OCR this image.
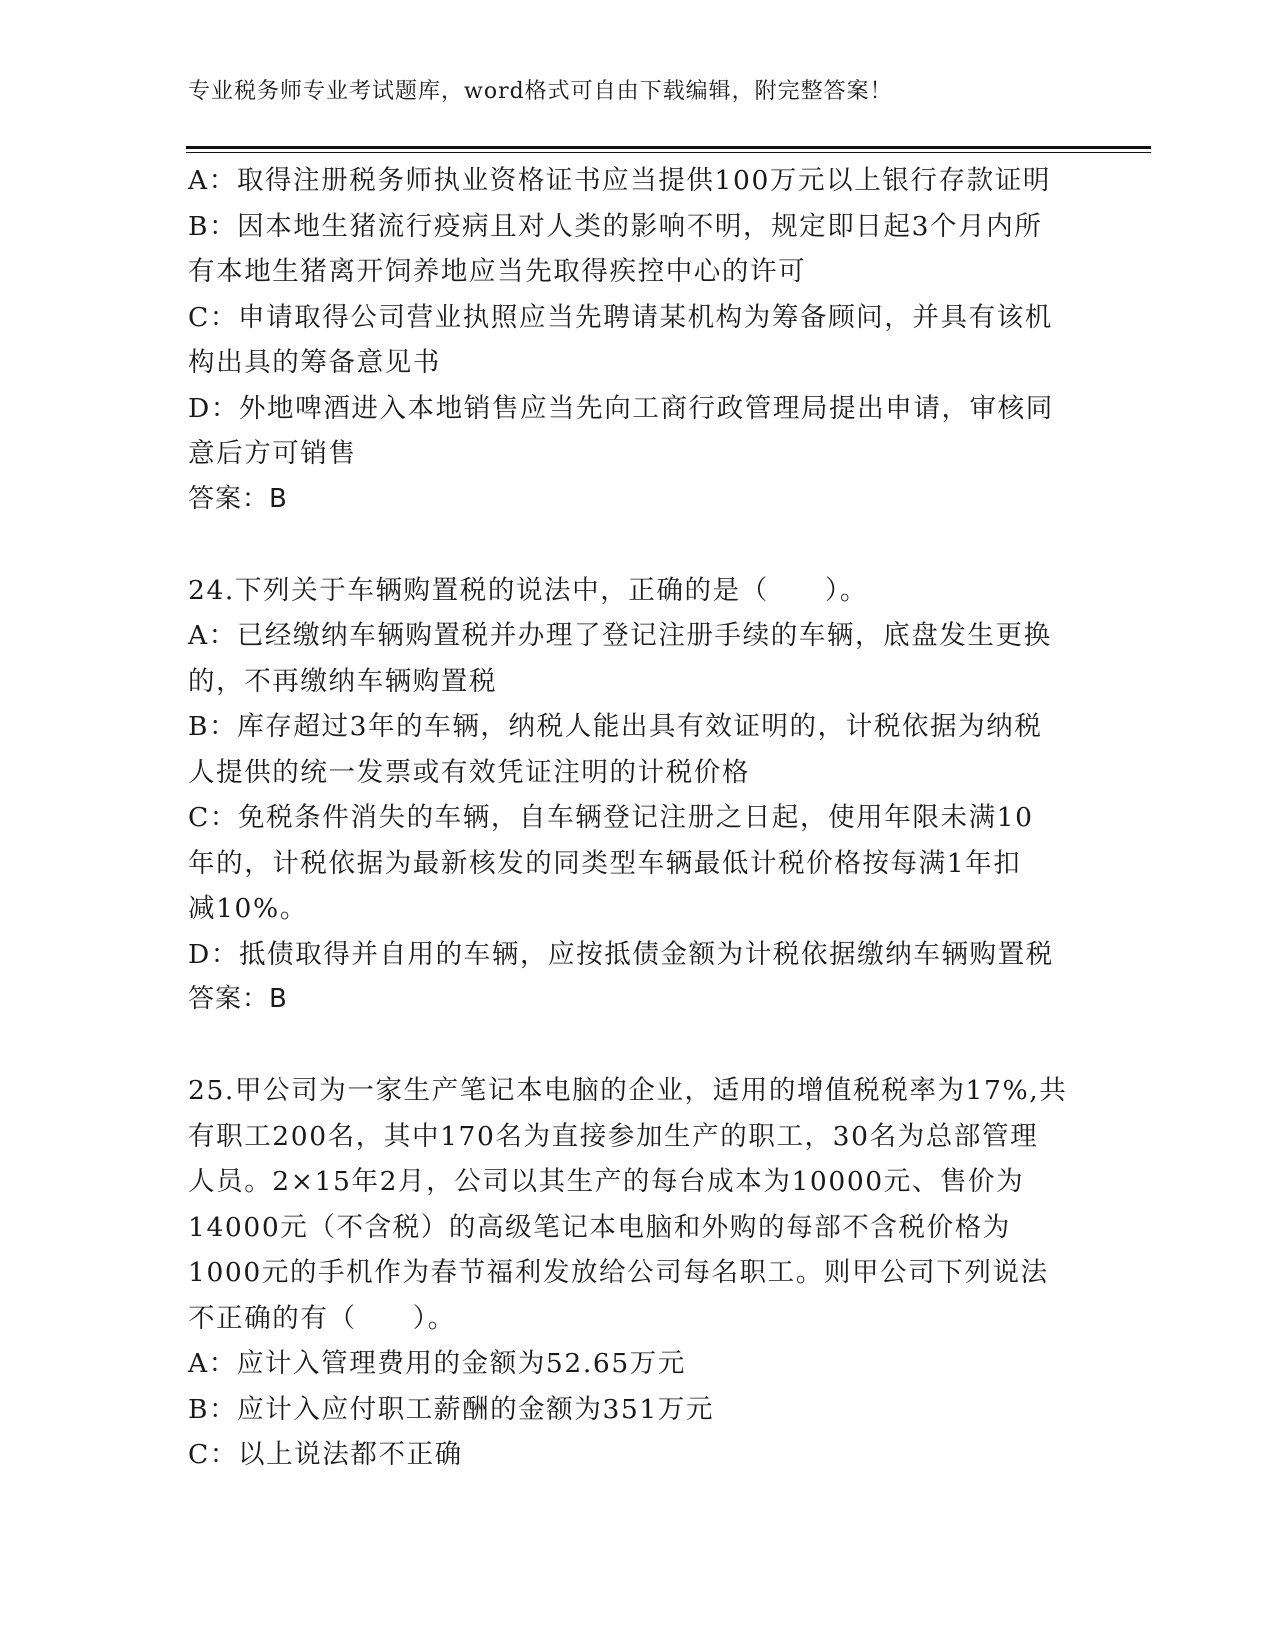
专业税务师专业考试题库，word格式可自由下载编辑，附完整答案！
A：取得注册税务师执业资格证书应当提供100万元以上银行存款证明
B：因本地生猪流行疫病且对人类的影响不明，规定即日起3个月内所
有本地生猪离开饲养地应当先取得疾控中心的许可
C：申请取得公司营业执照应当先聘请某机构为筹备顾问，并具有该机
构出具的筹备意见书
D：外地啤酒进入本地销售应当先向工商行政管理局提出申请，审核同
意后方可销售
答案：B
24.下列关于车辆购置税的说法中，正确的是（　　）。
A：已经缴纳车辆购置税并办理了登记注册手续的车辆，底盘发生更换
的，不再缴纳车辆购置税
B：库存超过3年的车辆，纳税人能出具有效证明的，计税依据为纳税
人提供的统一发票或有效凭证注明的计税价格
C：免税条件消失的车辆，自车辆登记注册之日起，使用年限未满10
年的，计税依据为最新核发的同类型车辆最低计税价格按每满1年扣
减10%。
D：抵债取得并自用的车辆，应按抵债金额为计税依据缴纳车辆购置税
答案：B
25.甲公司为一家生产笔记本电脑的企业，适用的增值税税率为17%,共
有职工200名，其中170名为直接参加生产的职工，30名为总部管理
人员。2×15年2月，公司以其生产的每台成本为10000元、售价为
14000元（不含税）的高级笔记本电脑和外购的每部不含税价格为
1000元的手机作为春节福利发放给公司每名职工。则甲公司下列说法
不正确的有（　　）。
A：应计入管理费用的金额为52.65万元
B：应计入应付职工薪酬的金额为351万元
C：以上说法都不正确
